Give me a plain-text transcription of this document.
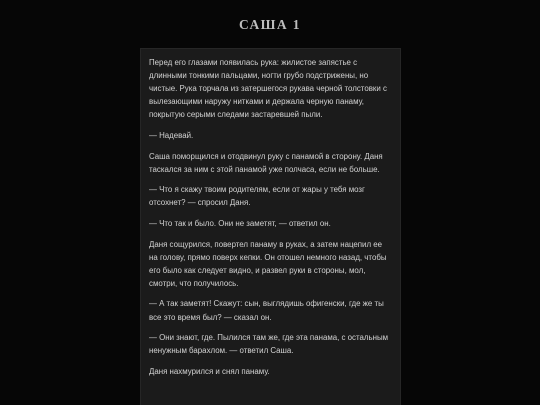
САША 1

Перед его глазами появилась рука: жилистое запястье с длинными тонкими пальцами, ногти грубо подстрижены, но чистые. Рука торчала из затершегося рукава черной толстовки с вылезающими наружу нитками и держала черную панаму, покрытую серыми следами застаревшей пыли.

— Надевай.

Саша поморщился и отодвинул руку с панамой в сторону. Даня таскался за ним с этой панамой уже полчаса, если не больше.

— Что я скажу твоим родителям, если от жары у тебя мозг отсохнет? — спросил Даня.

— Что так и было. Они не заметят, — ответил он.

Даня сощурился, повертел панаму в руках, а затем нацепил ее на голову, прямо поверх кепки. Он отошел немного назад, чтобы его было как следует видно, и развел руки в стороны, мол, смотри, что получилось.

— А так заметят! Скажут: сын, выглядишь офигенски, где же ты все это время был? — сказал он.

— Они знают, где. Пылился там же, где эта панама, с остальным ненужным барахлом. — ответил Саша.

Даня нахмурился и снял панаму.
